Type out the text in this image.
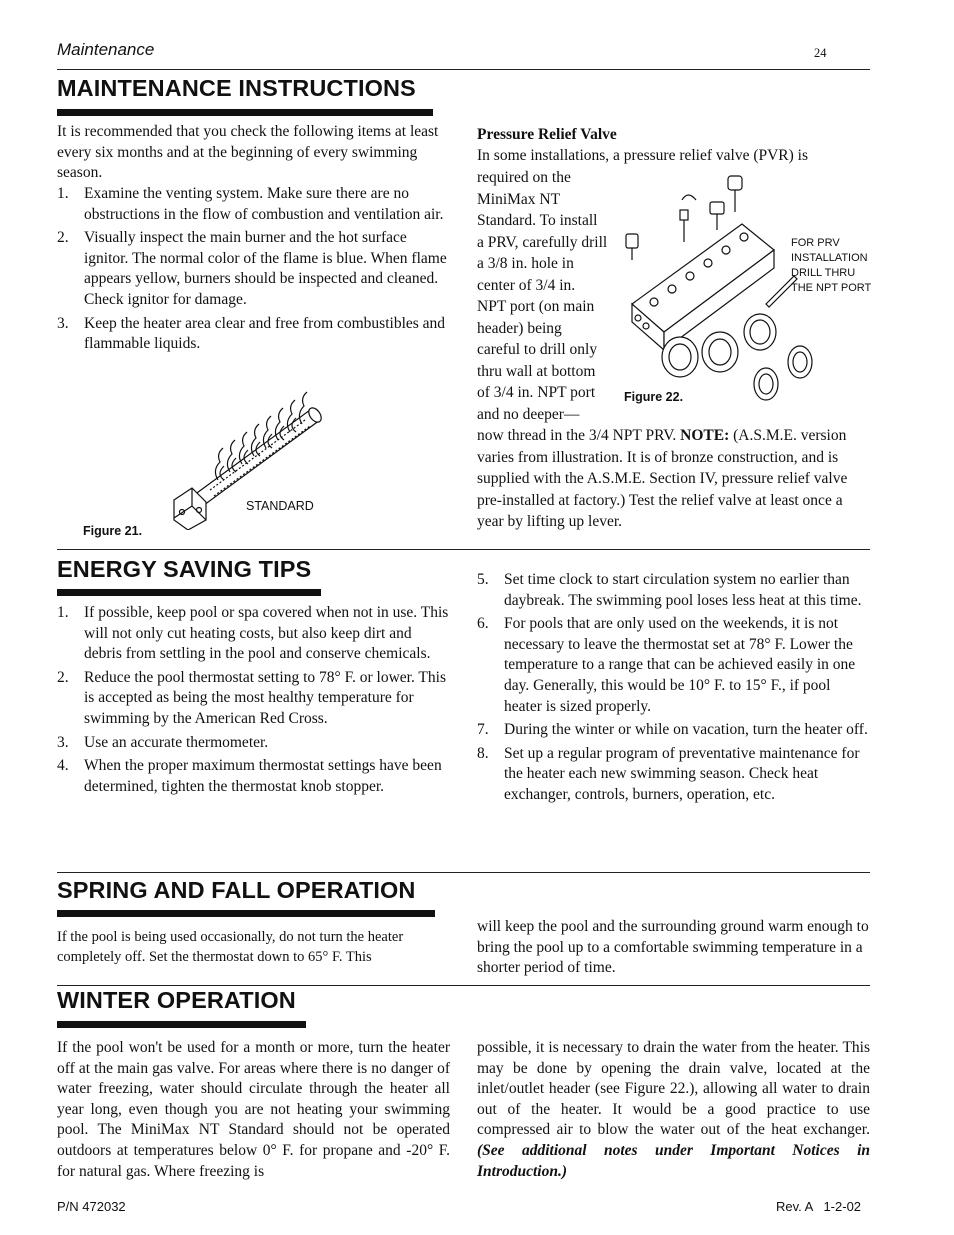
Maintenance	24
MAINTENANCE INSTRUCTIONS
It is recommended that you check the following items at least every six months and at the beginning of every swimming season.
1. Examine the venting system. Make sure there are no obstructions in the flow of combustion and ventilation air.
2. Visually inspect the main burner and the hot surface ignitor. The normal color of the flame is blue. When flame appears yellow, burners should be inspected and cleaned. Check ignitor for damage.
3. Keep the heater area clear and free from combustibles and flammable liquids.
STANDARD
Figure 21.
Pressure Relief Valve
In some installations, a pressure relief valve (PVR) is
required on the
MiniMax NT
Standard. To install
a PRV, carefully drill
a 3/8 in. hole in
center of 3/4 in.
NPT port (on main
header) being
careful to drill only
thru wall at bottom
of 3/4 in. NPT port
and no deeper—
now thread in the 3/4 NPT PRV. NOTE: (A.S.M.E. version varies from illustration. It is of bronze construction, and is supplied with the A.S.M.E. Section IV, pressure relief valve pre-installed at factory.) Test the relief valve at least once a year by lifting up lever.
FOR PRV
INSTALLATION
DRILL THRU
THE NPT PORT
Figure 22.
ENERGY SAVING TIPS
1. If possible, keep pool or spa covered when not in use. This will not only cut heating costs, but also keep dirt and debris from settling in the pool and conserve chemicals.
2. Reduce the pool thermostat setting to 78° F. or lower. This is accepted as being the most healthy temperature for swimming by the American Red Cross.
3. Use an accurate thermometer.
4. When the proper maximum thermostat settings have been determined, tighten the thermostat knob stopper.
5. Set time clock to start circulation system no earlier than daybreak. The swimming pool loses less heat at this time.
6. For pools that are only used on the weekends, it is not necessary to leave the thermostat set at 78° F. Lower the temperature to a range that can be achieved easily in one day. Generally, this would be 10° F. to 15° F., if pool heater is sized properly.
7. During the winter or while on vacation, turn the heater off.
8. Set up a regular program of preventative maintenance for the heater each new swimming season. Check heat exchanger, controls, burners, operation, etc.
SPRING AND FALL OPERATION
If the pool is being used occasionally, do not turn the heater completely off. Set the thermostat down to 65° F. This
will keep the pool and the surrounding ground warm enough to bring the pool up to a comfortable swimming temperature in a shorter period of time.
WINTER OPERATION
If the pool won't be used for a month or more, turn the heater off at the main gas valve. For areas where there is no danger of water freezing, water should circulate through the heater all year long, even though you are not heating your swimming pool. The MiniMax NT Standard should not be operated outdoors at temperatures below 0° F. for propane and -20° F. for natural gas. Where freezing is
possible, it is necessary to drain the water from the heater. This may be done by opening the drain valve, located at the inlet/outlet header (see Figure 22.), allowing all water to drain out of the heater. It would be a good practice to use compressed air to blow the water out of the heat exchanger. (See additional notes under Important Notices in Introduction.)
P/N 472032	Rev. A   1-2-02
